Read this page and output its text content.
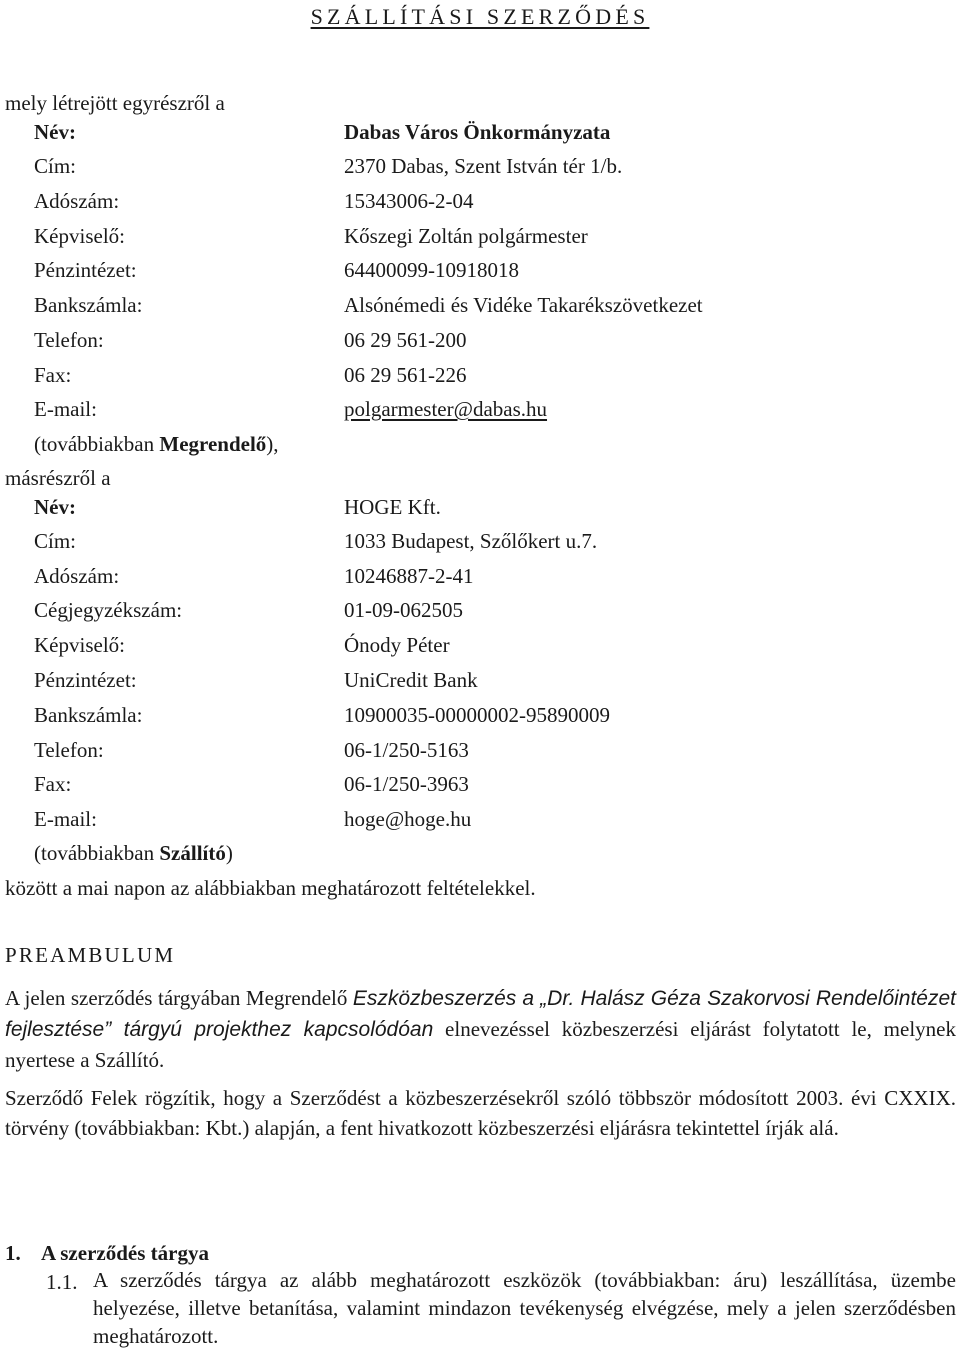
SZÁLLÍTÁSI SZERZŐDÉS
mely létrejött egyrészről a
Név:	Dabas Város Önkormányzata
Cím:	2370 Dabas, Szent István tér 1/b.
Adószám:	15343006-2-04
Képviselő:	Kőszegi Zoltán polgármester
Pénzintézet:	64400099-10918018
Bankszámla:	Alsónémedi és Vidéke Takarékszövetkezet
Telefon:	06 29 561-200
Fax:	06 29 561-226
E-mail:	polgarmester@dabas.hu
(továbbiakban Megrendelő),
másrészről a
Név:	HOGE Kft.
Cím:	1033 Budapest, Szőlőkert u.7.
Adószám:	10246887-2-41
Cégjegyzékszám:	01-09-062505
Képviselő:	Ónody Péter
Pénzintézet:	UniCredit Bank
Bankszámla:	10900035-00000002-95890009
Telefon:	06-1/250-5163
Fax:	06-1/250-3963
E-mail:	hoge@hoge.hu
(továbbiakban Szállító)
között a mai napon az alábbiakban meghatározott feltételekkel.
PREAMBULUM
A jelen szerződés tárgyában Megrendelő Eszközbeszerzés a „Dr. Halász Géza Szakorvosi Rendelőintézet fejlesztése” tárgyú projekthez kapcsolódóan elnevezéssel közbeszerzési eljárást folytatott le, melynek nyertese a Szállító.
Szerződő Felek rögzítik, hogy a Szerződést a közbeszerzésekről szóló többször módosított 2003. évi CXXIX. törvény (továbbiakban: Kbt.) alapján, a fent hivatkozott közbeszerzési eljárásra tekintettel írják alá.
1. A szerződés tárgya
1.1. A szerződés tárgya az alább meghatározott eszközök (továbbiakban: áru) leszállítása, üzembe helyezése, illetve betanítása, valamint mindazon tevékenység elvégzése, mely a jelen szerződésben meghatározott.
